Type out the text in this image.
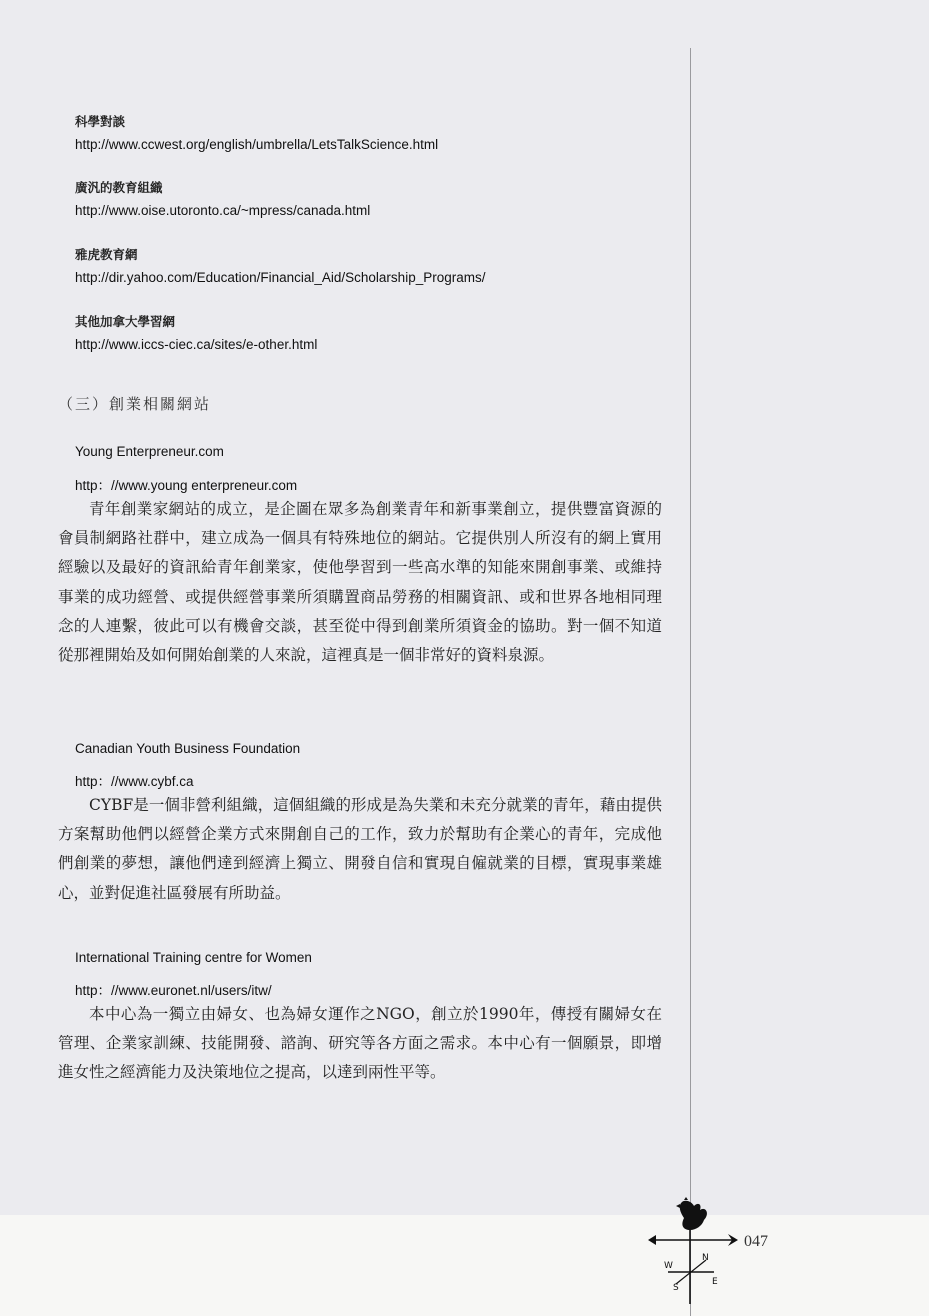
科學對談

http://www.ccwest.org/english/umbrella/LetsTalkScience.html

廣汎的教育組織

http://www.oise.utoronto.ca/~mpress/canada.html

雅虎教育網

http://dir.yahoo.com/Education/Financial_Aid/Scholarship_Programs/

其他加拿大學習網

http://www.iccs-ciec.ca/sites/e-other.html

（三）創業相關網站
Young Enterpreneur.com
http：//www.young enterpreneur.com

青年創業家網站的成立，是企圖在眾多為創業青年和新事業創立，提供豐富資源的會員制網路社群中，建立成為一個具有特殊地位的網站。它提供別人所沒有的網上實用經驗以及最好的資訊給青年創業家，使他學習到一些高水準的知能來開創事業、或維持事業的成功經營、或提供經營事業所須購置商品勞務的相關資訊、或和世界各地相同理念的人連繫，彼此可以有機會交談，甚至從中得到創業所須資金的協助。對一個不知道從那裡開始及如何開始創業的人來說，這裡真是一個非常好的資料泉源。

Canadian Youth Business Foundation
http：//www.cybf.ca

CYBF是一個非營利組織，這個組織的形成是為失業和未充分就業的青年，藉由提供方案幫助他們以經營企業方式來開創自己的工作，致力於幫助有企業心的青年，完成他們創業的夢想，讓他們達到經濟上獨立、開發自信和實現自僱就業的目標，實現事業雄心，並對促進社區發展有所助益。

International Training centre for Women
http：//www.euronet.nl/users/itw/

本中心為一獨立由婦女、也為婦女運作之NGO，創立於1990年，傳授有關婦女在管理、企業家訓練、技能開發、諮詢、研究等各方面之需求。本中心有一個願景，即增進女性之經濟能力及決策地位之提高，以達到兩性平等。

W
E
S
N
047
